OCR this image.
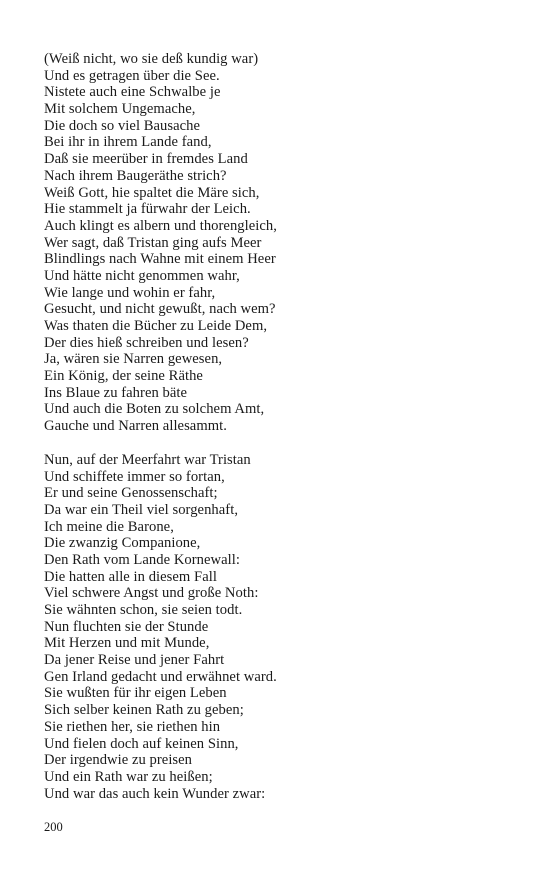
(Weiß nicht, wo sie deß kundig war)
Und es getragen über die See.
Nistete auch eine Schwalbe je
Mit solchem Ungemache,
Die doch so viel Bausache
Bei ihr in ihrem Lande fand,
Daß sie meerüber in fremdes Land
Nach ihrem Baugeräthe strich?
Weiß Gott, hie spaltet die Märe sich,
Hie stammelt ja fürwahr der Leich.
Auch klingt es albern und thorengleich,
Wer sagt, daß Tristan ging aufs Meer
Blindlings nach Wahne mit einem Heer
Und hätte nicht genommen wahr,
Wie lange und wohin er fahr,
Gesucht, und nicht gewußt, nach wem?
Was thaten die Bücher zu Leide Dem,
Der dies hieß schreiben und lesen?
Ja, wären sie Narren gewesen,
Ein König, der seine Räthe
Ins Blaue zu fahren bäte
Und auch die Boten zu solchem Amt,
Gauche und Narren allesammt.
Nun, auf der Meerfahrt war Tristan
Und schiffete immer so fortan,
Er und seine Genossenschaft;
Da war ein Theil viel sorgenhaft,
Ich meine die Barone,
Die zwanzig Companione,
Den Rath vom Lande Kornewall:
Die hatten alle in diesem Fall
Viel schwere Angst und große Noth:
Sie wähnten schon, sie seien todt.
Nun fluchten sie der Stunde
Mit Herzen und mit Munde,
Da jener Reise und jener Fahrt
Gen Irland gedacht und erwähnet ward.
Sie wußten für ihr eigen Leben
Sich selber keinen Rath zu geben;
Sie riethen her, sie riethen hin
Und fielen doch auf keinen Sinn,
Der irgendwie zu preisen
Und ein Rath war zu heißen;
Und war das auch kein Wunder zwar:
200
